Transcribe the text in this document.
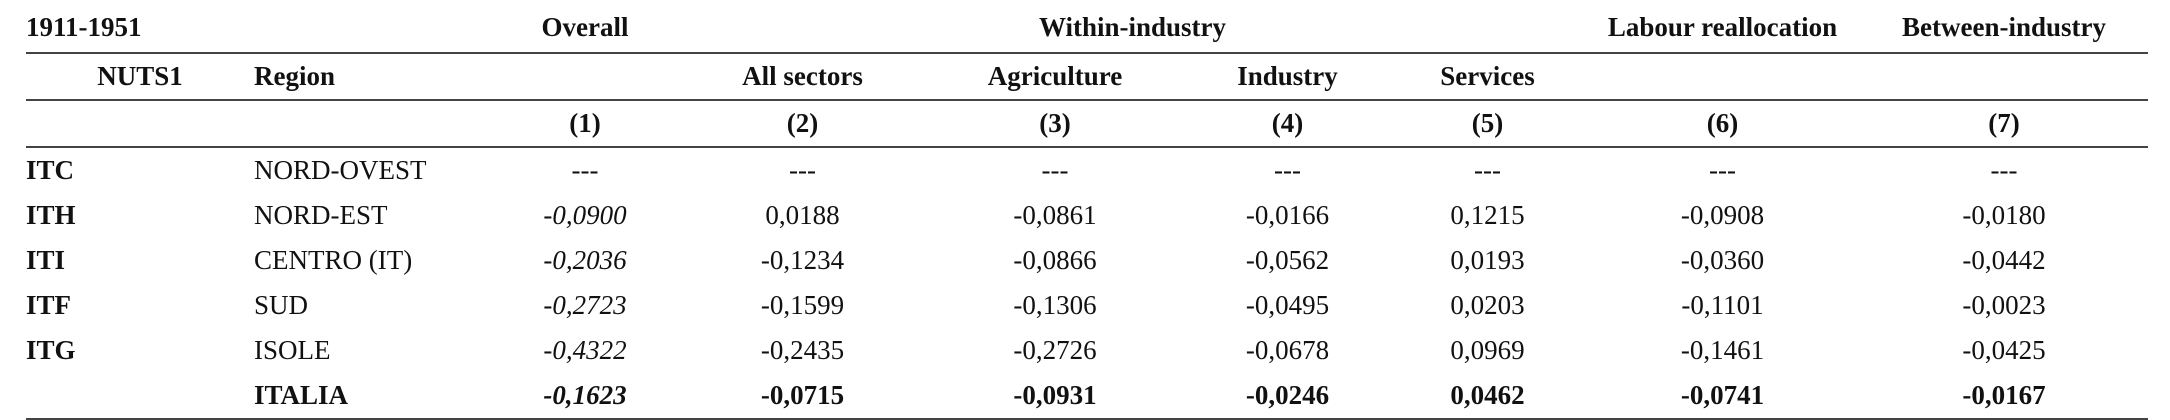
1911-1951		Overall	Within-industry				Labour reallocation	Between-industry
NUTS1	Region		All sectors	Agriculture	Industry	Services		
		(1)	(2)	(3)	(4)	(5)	(6)	(7)
ITC	NORD-OVEST	---	---	---	---	---	---	---
ITH	NORD-EST	-0,0900	0,0188	-0,0861	-0,0166	0,1215	-0,0908	-0,0180
ITI	CENTRO (IT)	-0,2036	-0,1234	-0,0866	-0,0562	0,0193	-0,0360	-0,0442
ITF	SUD	-0,2723	-0,1599	-0,1306	-0,0495	0,0203	-0,1101	-0,0023
ITG	ISOLE	-0,4322	-0,2435	-0,2726	-0,0678	0,0969	-0,1461	-0,0425
	ITALIA	-0,1623	-0,0715	-0,0931	-0,0246	0,0462	-0,0741	-0,0167
